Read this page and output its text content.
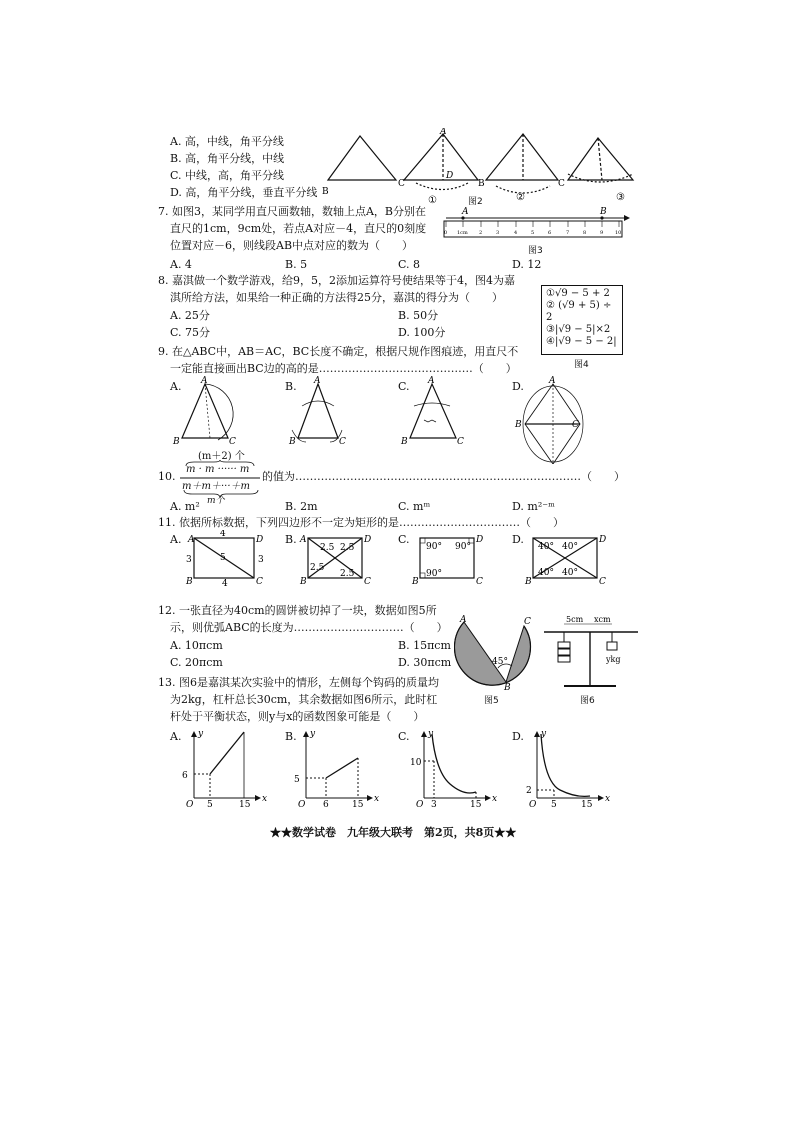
A. 高，中线，角平分线
B. 高，角平分线，中线
C. 中线，高，角平分线
D. 高，角平分线，垂直平分线 B
C
A
D
①
B
②
C
③
图2
7. 如图3，某同学用直尺画数轴，数轴上点A，B分别在
直尺的1cm，9cm处，若点A对应－4，直尺的0刻度
位置对应－6，则线段AB中点对应的数为（　　）
A. 4	B. 5	C. 8	D. 12
A	B
0 1cm 2	3	4	5	6	7	8	9 10
图3
8. 嘉淇做一个数学游戏，给9，5，2添加运算符号使结果等于4，图4为嘉
淇所给方法，如果给一种正确的方法得25分，嘉淇的得分为（　　）
A. 25分	B. 50分
C. 75分	D. 100分
①√9 − 5 + 2
② (√9 + 5) ÷ 2
③|√9 − 5|×2
④|√9 − 5 − 2|
图4
9. 在△ABC中，AB＝AC，BC长度不确定，根据尺规作图痕迹，用直尺不
一定能直接画出BC边的高的是……………………………………（　　）
A.	B.	C.	D.
A
B	C
A
B	C
A
B	C
A
B	C
10.
(m＋2) 个
m · m ······ m
m＋m＋···＋m
m个
的值为……………………………………………………………………（　　）
A. m²	B. 2m	C. mᵐ	D. m²⁻ᵐ
11. 依据所标数据，下列四边形不一定为矩形的是……………………………（　　）
A.	B.	C.	D.
4
5
3	3
4
2.5 2.5
2.5
2.5
90° 90°
90°
40° 40°
40° 40°
A	D
B	C
A	D
B	C
D
B	C
D
B	C
12. 一张直径为40cm的圆饼被切掉了一块，数据如图5所
示，则优弧ABC的长度为…………………………（　　）
A. 10πcm	B. 15πcm
C. 20πcm	D. 30πcm	45°
A	C
B
图5
5cm xcm
ykg
图6
13. 图6是嘉淇某次实验中的情形，左侧每个钩码的质量均
为2kg，杠杆总长30cm，其余数据如图6所示，此时杠
杆处于平衡状态，则y与x的函数图象可能是（　　）
A.	B.	C.	D.
6
5	15
5
6	15
10
3	15
2
5	15
y
x
O
y
x
O
y
x
O
y
x
O
★★数学试卷　九年级大联考　第2页，共8页★★
